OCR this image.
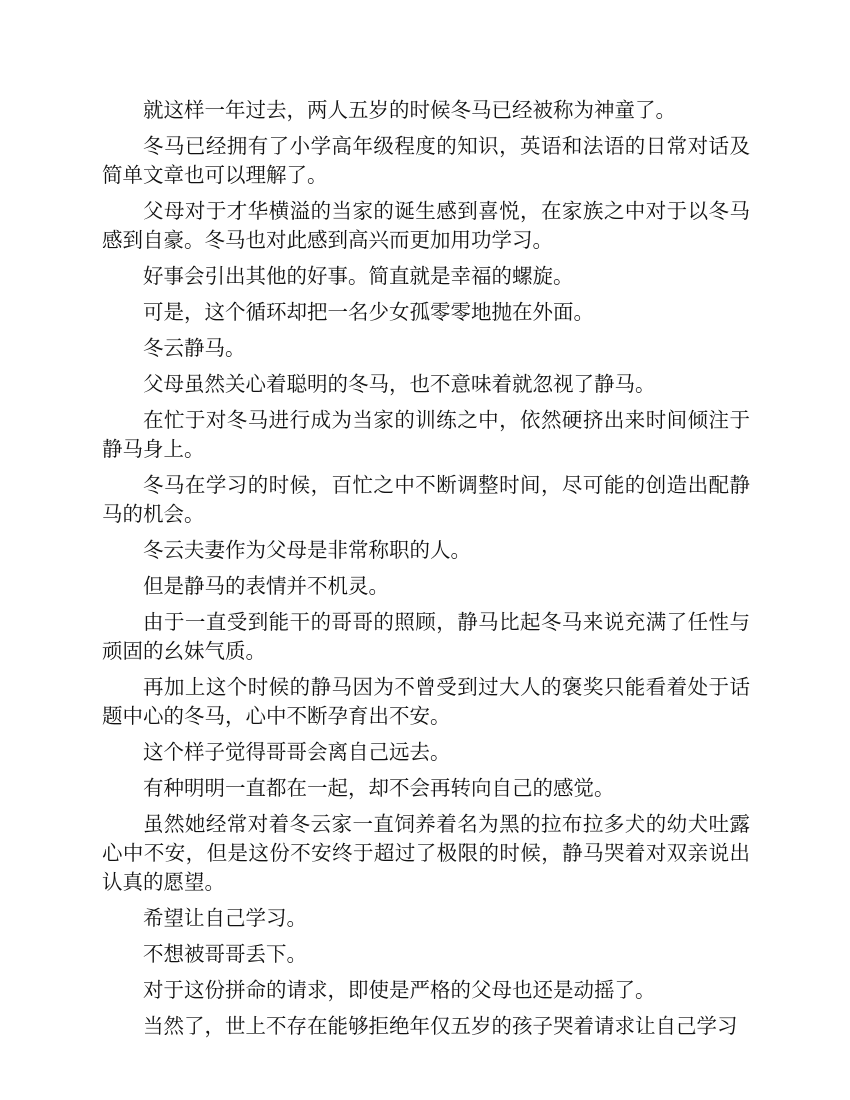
就这样一年过去，两人五岁的时候冬马已经被称为神童了。

冬马已经拥有了小学高年级程度的知识，英语和法语的日常对话及简单文章也可以理解了。

父母对于才华横溢的当家的诞生感到喜悦，在家族之中对于以冬马感到自豪。冬马也对此感到高兴而更加用功学习。

好事会引出其他的好事。简直就是幸福的螺旋。

可是，这个循环却把一名少女孤零零地抛在外面。

冬云静马。

父母虽然关心着聪明的冬马，也不意味着就忽视了静马。

在忙于对冬马进行成为当家的训练之中，依然硬挤出来时间倾注于静马身上。

冬马在学习的时候，百忙之中不断调整时间，尽可能的创造出配静马的机会。

冬云夫妻作为父母是非常称职的人。

但是静马的表情并不机灵。

由于一直受到能干的哥哥的照顾，静马比起冬马来说充满了任性与顽固的幺妹气质。

再加上这个时候的静马因为不曾受到过大人的褒奖只能看着处于话题中心的冬马，心中不断孕育出不安。

这个样子觉得哥哥会离自己远去。

有种明明一直都在一起，却不会再转向自己的感觉。

虽然她经常对着冬云家一直饲养着名为黑的拉布拉多犬的幼犬吐露心中不安，但是这份不安终于超过了极限的时候，静马哭着对双亲说出认真的愿望。

希望让自己学习。

不想被哥哥丢下。

对于这份拼命的请求，即使是严格的父母也还是动摇了。

当然了，世上不存在能够拒绝年仅五岁的孩子哭着请求让自己学习
